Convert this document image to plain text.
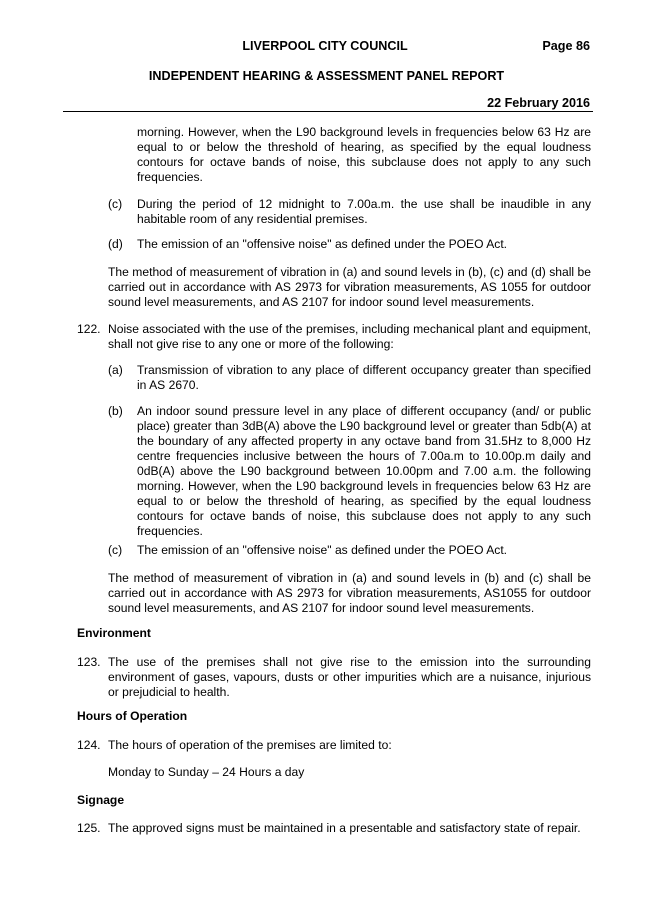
LIVERPOOL CITY COUNCIL	Page 86
INDEPENDENT HEARING & ASSESSMENT PANEL REPORT
22 February 2016

morning. However, when the L90 background levels in frequencies below 63 Hz are equal to or below the threshold of hearing, as specified by the equal loudness contours for octave bands of noise, this subclause does not apply to any such frequencies.

(c) During the period of 12 midnight to 7.00a.m. the use shall be inaudible in any habitable room of any residential premises.

(d) The emission of an "offensive noise" as defined under the POEO Act.

The method of measurement of vibration in (a) and sound levels in (b), (c) and (d) shall be carried out in accordance with AS 2973 for vibration measurements, AS 1055 for outdoor sound level measurements, and AS 2107 for indoor sound level measurements.

122. Noise associated with the use of the premises, including mechanical plant and equipment, shall not give rise to any one or more of the following:

(a) Transmission of vibration to any place of different occupancy greater than specified in AS 2670.

(b) An indoor sound pressure level in any place of different occupancy (and/ or public place) greater than 3dB(A) above the L90 background level or greater than 5db(A) at the boundary of any affected property in any octave band from 31.5Hz to 8,000 Hz centre frequencies inclusive between the hours of 7.00a.m to 10.00p.m daily and 0dB(A) above the L90 background between 10.00pm and 7.00 a.m. the following morning. However, when the L90 background levels in frequencies below 63 Hz are equal to or below the threshold of hearing, as specified by the equal loudness contours for octave bands of noise, this subclause does not apply to any such frequencies.

(c) The emission of an "offensive noise" as defined under the POEO Act.

The method of measurement of vibration in (a) and sound levels in (b) and (c) shall be carried out in accordance with AS 2973 for vibration measurements, AS1055 for outdoor sound level measurements, and AS 2107 for indoor sound level measurements.

Environment

123. The use of the premises shall not give rise to the emission into the surrounding environment of gases, vapours, dusts or other impurities which are a nuisance, injurious or prejudicial to health.

Hours of Operation

124. The hours of operation of the premises are limited to:

Monday to Sunday – 24 Hours a day

Signage

125. The approved signs must be maintained in a presentable and satisfactory state of repair.
